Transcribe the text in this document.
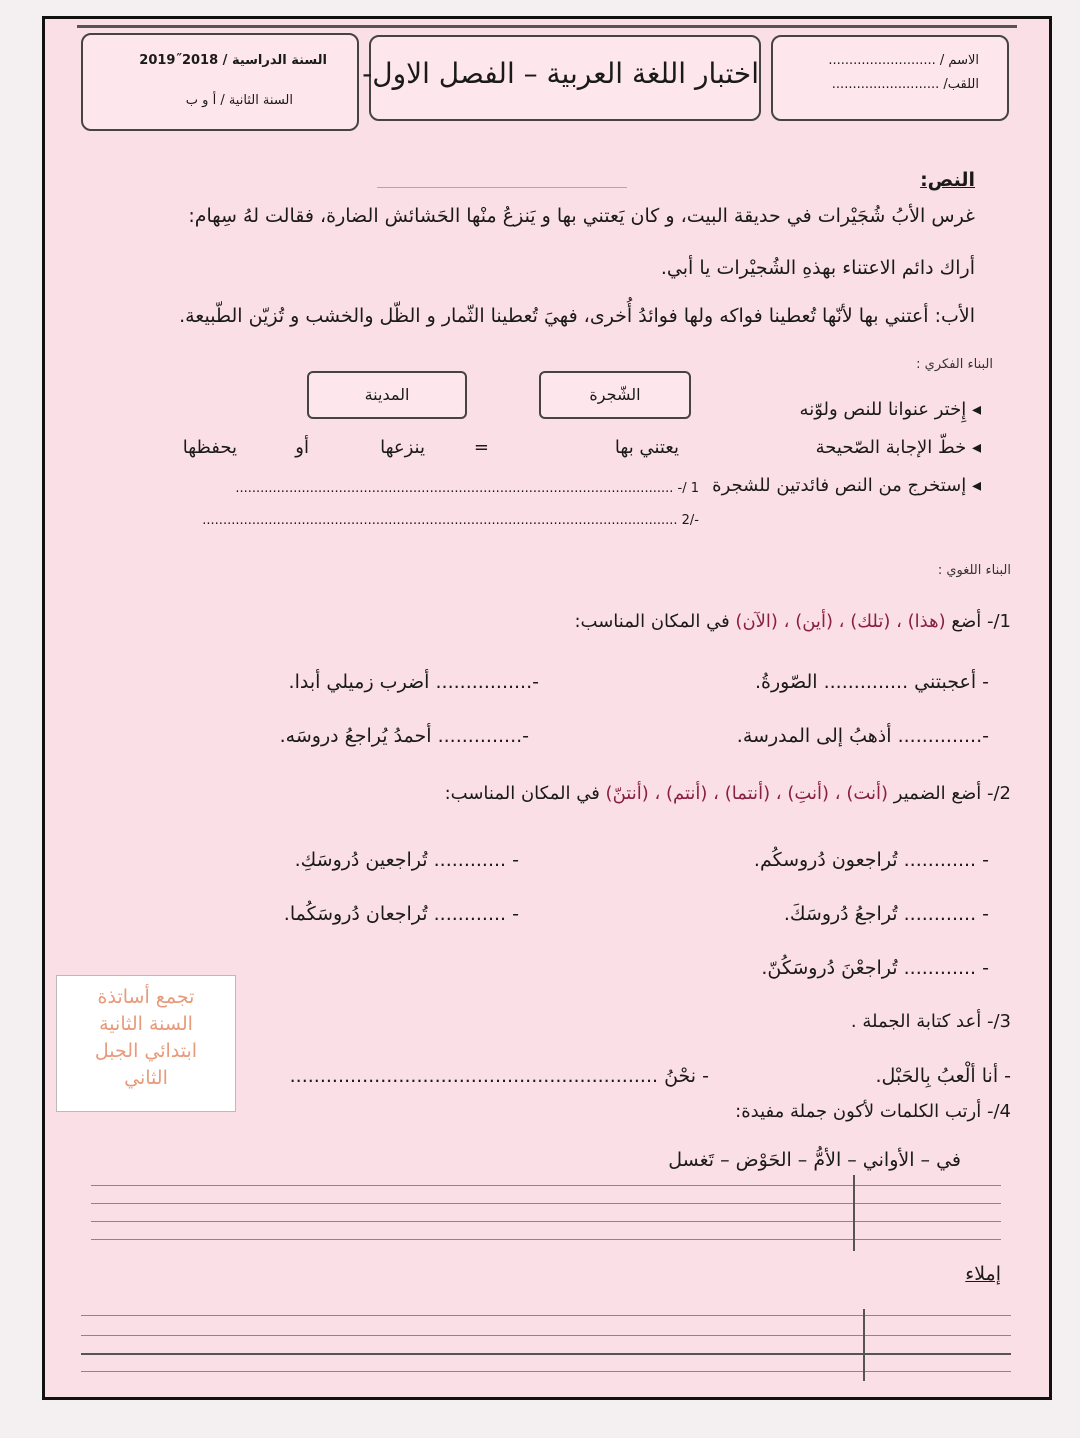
الاسم / ..........................
اللقب/ ..........................
اختبار اللغة العربية – الفصل الاول-
السنة الدراسية / 2018˝2019
السنة الثانية / أ و ب
النص:
غرس الأبُ شُجَيْرات في حديقة البيت، و كان يَعتني بها و يَنزعُ منْها الحَشائش الضارة، فقالت لهُ سِهام:
أراك دائم الاعتناء بهذهِ الشُجيْرات يا أبي.
الأب: أعتني بها لأنّها تُعطينا فواكه ولها فوائدُ أُخرى، فهيَ تُعطينا الثّمار و الظّل والخشب و تُزيّن الطّبيعة.
البناء الفكري :
الشّجرة
المدينة
◂ إِختر عنوانا للنص ولوّنه
◂ خطّ الإجابة الصّحيحة
يعتني بها
=
ينزعها
أو
يحفظها
◂ إستخرج من النص فائدتين للشجرة
1 /- ..........................................................................................................
-/2 ...................................................................................................................
البناء اللغوي :
1/- أضع (هذا) ، (تلك) ، (أين) ، (الآن) في المكان المناسب:
- أعجبتني .............. الصّورةُ.
-................ أضرب زميلي أبدا.
-.............. أذهبُ إلى المدرسة.
-.............. أحمدُ يُراجعُ دروسَه.
2/- أضع الضمير (أنت) ، (أنتِ) ، (أنتما) ، (أنتم) ، (أنتنّ) في المكان المناسب:
- ............ تُراجعون دُروسكُم.
- ............ تُراجعين دُروسَكِ.
- ............ تُراجعُ دُروسَكَ.
- ............ تُراجعان دُروسَكُما.
- ............ تُراجعْنَ دُروسَكُنّ.
3/- أعد كتابة الجملة .
- أنا ألْعبُ بِالحَبْل.
- نحْنُ .............................................................
4/- أرتب الكلمات لأكون جملة مفيدة:
في – الأواني – الأمُّ – الحَوْض – تَغسل
إملاء
تجمع أساتذة
السنة الثانية
ابتدائي الجبل
الثاني
